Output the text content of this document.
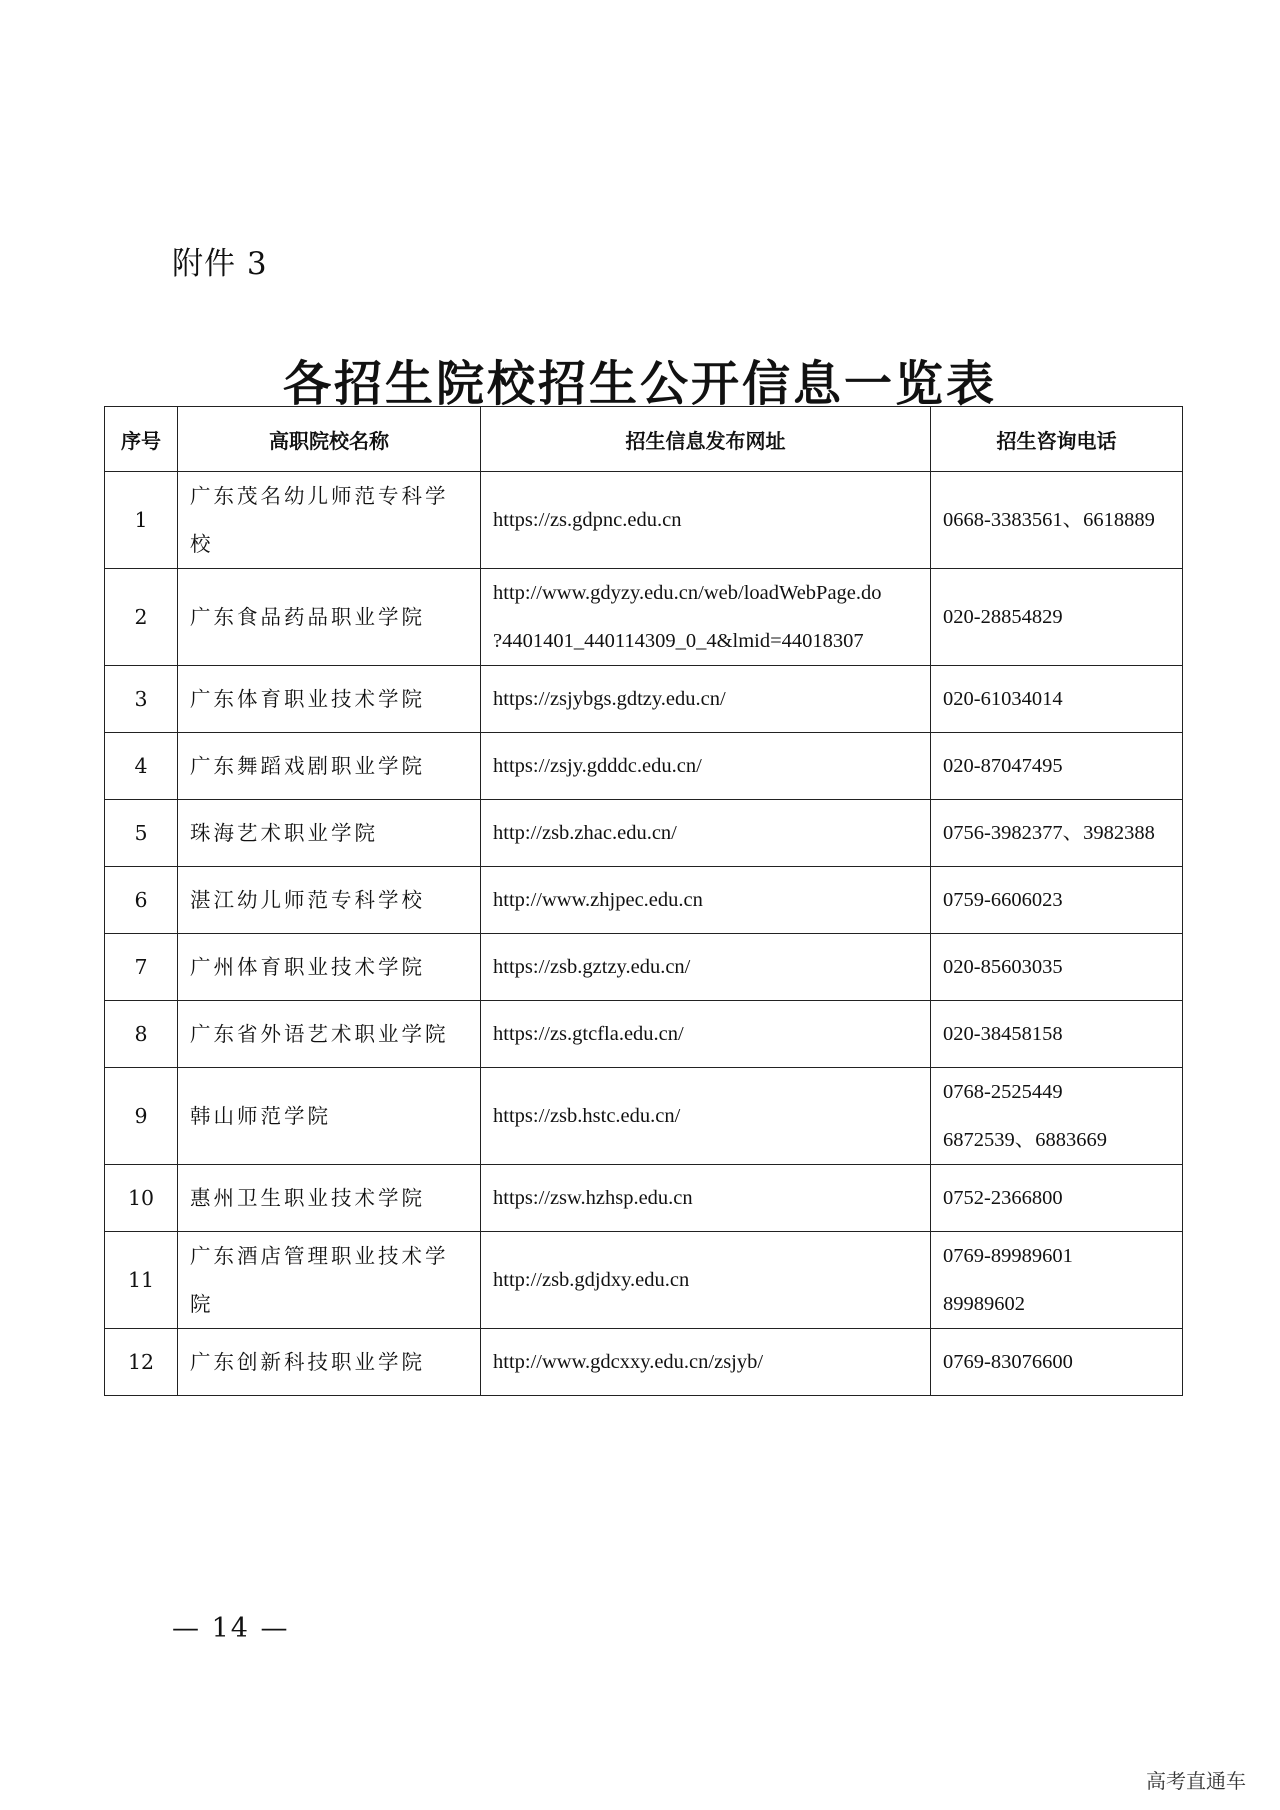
附件 3
各招生院校招生公开信息一览表
序号	高职院校名称	招生信息发布网址	招生咨询电话
1	广东茂名幼儿师范专科学校	https://zs.gdpnc.edu.cn	0668-3383561、6618889

2	广东食品药品职业学院	http://www.gdyzy.edu.cn/web/loadWebPage.do
?4401401_440114309_0_4&lmid=44018307	020-28854829

3	广东体育职业技术学院	https://zsjybgs.gdtzy.edu.cn/	020-61034014

4	广东舞蹈戏剧职业学院	https://zsjy.gdddc.edu.cn/	020-87047495

5	珠海艺术职业学院	http://zsb.zhac.edu.cn/	0756-3982377、3982388

6	湛江幼儿师范专科学校	http://www.zhjpec.edu.cn	0759-6606023

7	广州体育职业技术学院	https://zsb.gztzy.edu.cn/	020-85603035

8	广东省外语艺术职业学院	https://zs.gtcfla.edu.cn/	020-38458158

9	韩山师范学院	https://zsb.hstc.edu.cn/	0768-2525449
6872539、6883669

10	惠州卫生职业技术学院	https://zsw.hzhsp.edu.cn	0752-2366800

11	广东酒店管理职业技术学院	http://zsb.gdjdxy.edu.cn	0769-89989601
89989602

12	广东创新科技职业学院	http://www.gdcxxy.edu.cn/zsjyb/	0769-83076600
— 14 —
高考直通车
